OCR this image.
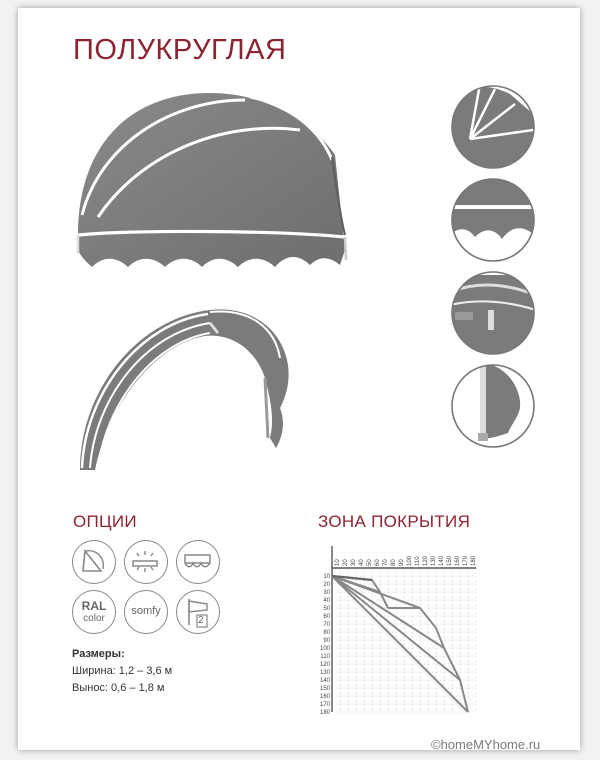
ПОЛУКРУГЛАЯ
ОПЦИИ
RAL
color
somfy
2
Размеры:
Ширина: 1,2 – 3,6 м
Вынос: 0,6 – 1,8 м
ЗОНА ПОКРЫТИЯ
10 20 30 40 50 60 70 80 90 100 110 120 130 140 150 160 170 180
10
20
30
40
50
60
70
80
90
100
110
120
130
140
150
160
170
180
©homeMYhome.ru
